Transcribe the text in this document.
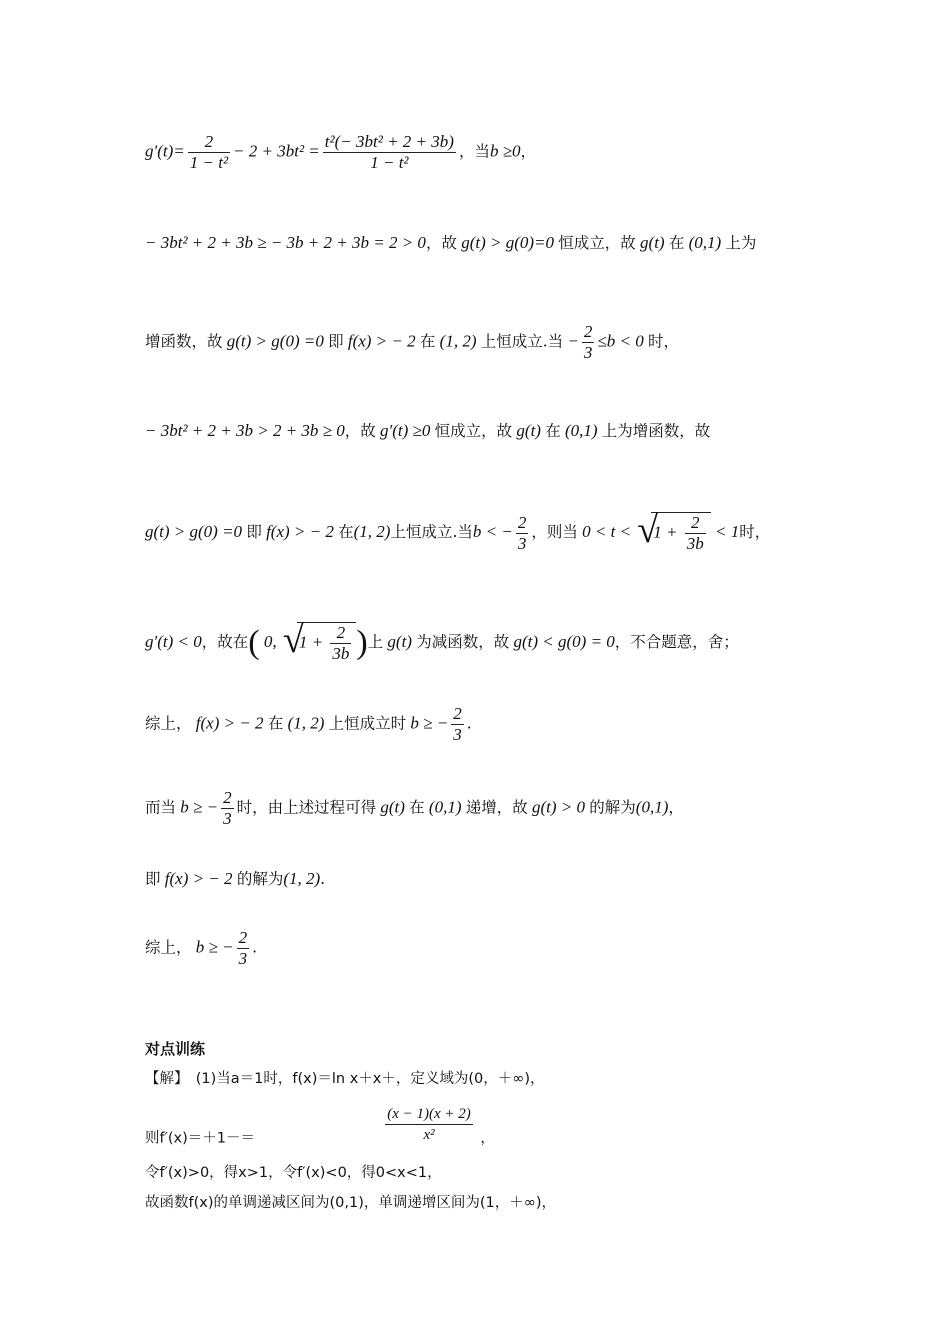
$g'(t)= \frac{2}{\text{1 − t²}} - 2 + 3bt^2 = \frac{\text{t²(− 3bt² + 2 + 3b)}}{\text{1 − t²}}$ ，当b ≥0，
− 3bt² + 2 + 3b ≥ − 3b + 2 + 3b = 2 > 0，故 g(t) > g(0)=0 恒成立，故 g(t) 在 (0,1) 上为
增函数，故 g(t) > g(0) =0 即 f(x) > − 2 在 (1, 2) 上恒成立.当 − $\frac{2}{3} \le b < 0$ 时，
− 3bt² + 2 + 3b > 2 + 3b ≥ 0，故 g′(t) ≥0 恒成立，故 g(t) 在 (0,1) 上为增函数，故
g(t) > g(0) =0 即 f(x) > − 2 在(1, 2)上恒成立.当b < − $\frac{2}{3}$ ，则当 0 < t < √ $1 + \frac{2}{3b} < 1$时，
g′(t) < 0，故在( 0, √ $1 + \frac{2}{3b}$ )上 g(t) 为减函数，故 g(t) < g(0) = 0，不合题意，舍；
综上， f(x) > − 2 在 (1, 2) 上恒成立时 b ≥ − $\frac{2}{3}$ .
而当 b ≥ − $\frac{2}{3}$ 时，由上述过程可得 g(t) 在 (0,1) 递增，故 g(t) > 0 的解为(0,1)，
即 f(x) > − 2 的解为(1, 2).
综上， b ≥ − $\frac{2}{3}$ .
对点训练
【解】　(1)当a＝1时，f(x)＝ln x＋x＋，定义域为(0，＋∞)，
则f′(x)＝＋1－＝	$\frac{(x - 1)(x + 2)}{\text{x²}}$ ，
令f′(x)>0，得x>1，令f′(x)<0，得0<x<1，
故函数f(x)的单调递减区间为(0,1)，单调递增区间为(1，＋∞)，
